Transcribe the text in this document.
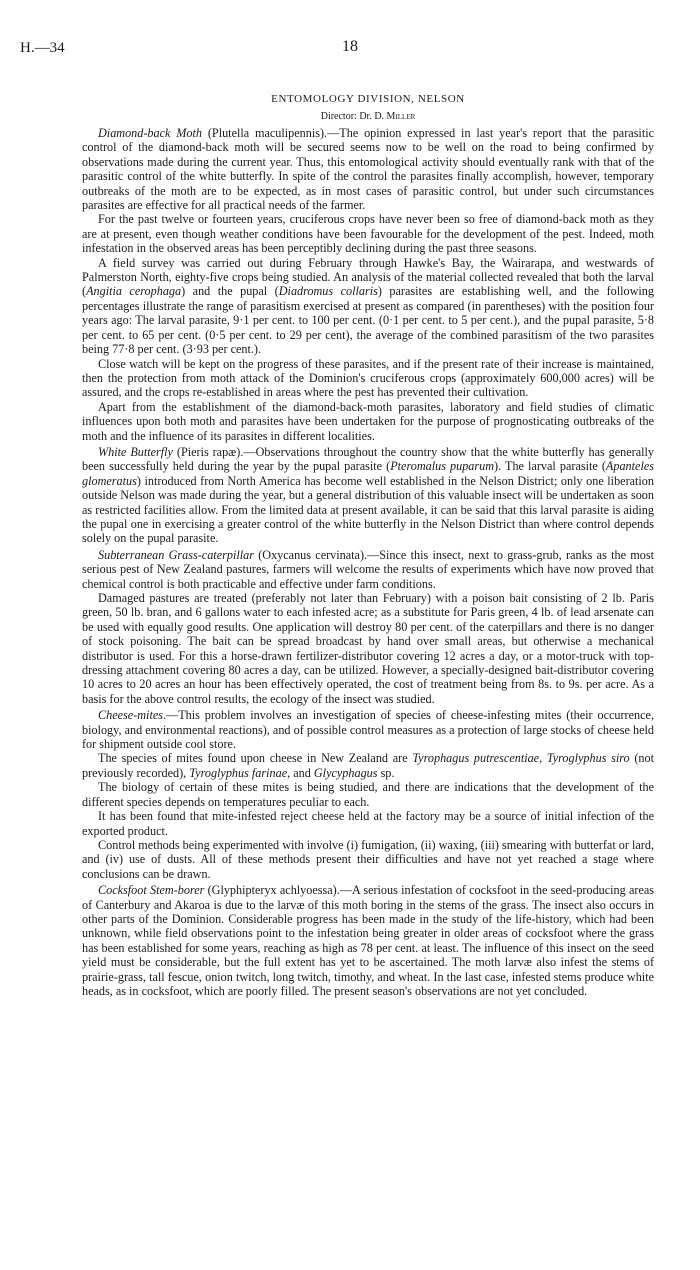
H.—34	18
ENTOMOLOGY DIVISION, NELSON
Director: Dr. D. Miller

Diamond-back Moth (Plutella maculipennis).—The opinion expressed in last year's report that the parasitic control of the diamond-back moth will be secured seems now to be well on the road to being confirmed by observations made during the current year. Thus, this entomological activity should eventually rank with that of the parasitic control of the white butterfly. In spite of the control the parasites finally accomplish, however, temporary outbreaks of the moth are to be expected, as in most cases of parasitic control, but under such circumstances parasites are effective for all practical needs of the farmer.

For the past twelve or fourteen years, cruciferous crops have never been so free of diamond-back moth as they are at present, even though weather conditions have been favourable for the development of the pest. Indeed, moth infestation in the observed areas has been perceptibly declining during the past three seasons.

A field survey was carried out during February through Hawke's Bay, the Wairarapa, and westwards of Palmerston North, eighty-five crops being studied. An analysis of the material collected revealed that both the larval (Angitia cerophaga) and the pupal (Diadromus collaris) parasites are establishing well, and the following percentages illustrate the range of parasitism exercised at present as compared (in parentheses) with the position four years ago: The larval parasite, 9·1 per cent. to 100 per cent. (0·1 per cent. to 5 per cent.), and the pupal parasite, 5·8 per cent. to 65 per cent. (0·5 per cent. to 29 per cent), the average of the combined parasitism of the two parasites being 77·8 per cent. (3·93 per cent.).

Close watch will be kept on the progress of these parasites, and if the present rate of their increase is maintained, then the protection from moth attack of the Dominion's cruciferous crops (approximately 600,000 acres) will be assured, and the crops re-established in areas where the pest has prevented their cultivation.

Apart from the establishment of the diamond-back-moth parasites, laboratory and field studies of climatic influences upon both moth and parasites have been undertaken for the purpose of prognosticating outbreaks of the moth and the influence of its parasites in different localities.

White Butterfly (Pieris rapæ).—Observations throughout the country show that the white butterfly has generally been successfully held during the year by the pupal parasite (Pteromalus puparum). The larval parasite (Apanteles glomeratus) introduced from North America has become well established in the Nelson District; only one liberation outside Nelson was made during the year, but a general distribution of this valuable insect will be undertaken as soon as restricted facilities allow. From the limited data at present available, it can be said that this larval parasite is aiding the pupal one in exercising a greater control of the white butterfly in the Nelson District than where control depends solely on the pupal parasite.

Subterranean Grass-caterpillar (Oxycanus cervinata).—Since this insect, next to grass-grub, ranks as the most serious pest of New Zealand pastures, farmers will welcome the results of experiments which have now proved that chemical control is both practicable and effective under farm conditions.

Damaged pastures are treated (preferably not later than February) with a poison bait consisting of 2 lb. Paris green, 50 lb. bran, and 6 gallons water to each infested acre; as a substitute for Paris green, 4 lb. of lead arsenate can be used with equally good results. One application will destroy 80 per cent. of the caterpillars and there is no danger of stock poisoning. The bait can be spread broadcast by hand over small areas, but otherwise a mechanical distributor is used. For this a horse-drawn fertilizer-distributor covering 12 acres a day, or a motor-truck with top-dressing attachment covering 80 acres a day, can be utilized. However, a specially-designed bait-distributor covering 10 acres to 20 acres an hour has been effectively operated, the cost of treatment being from 8s. to 9s. per acre. As a basis for the above control results, the ecology of the insect was studied.

Cheese-mites.—This problem involves an investigation of species of cheese-infesting mites (their occurrence, biology, and environmental reactions), and of possible control measures as a protection of large stocks of cheese held for shipment outside cool store.

The species of mites found upon cheese in New Zealand are Tyrophagus putrescentiae, Tyroglyphus siro (not previously recorded), Tyroglyphus farinae, and Glycyphagus sp.

The biology of certain of these mites is being studied, and there are indications that the development of the different species depends on temperatures peculiar to each.

It has been found that mite-infested reject cheese held at the factory may be a source of initial infection of the exported product.

Control methods being experimented with involve (i) fumigation, (ii) waxing, (iii) smearing with butterfat or lard, and (iv) use of dusts. All of these methods present their difficulties and have not yet reached a stage where conclusions can be drawn.

Cocksfoot Stem-borer (Glyphipteryx achlyoessa).—A serious infestation of cocksfoot in the seed-producing areas of Canterbury and Akaroa is due to the larvæ of this moth boring in the stems of the grass. The insect also occurs in other parts of the Dominion. Considerable progress has been made in the study of the life-history, which had been unknown, while field observations point to the infestation being greater in older areas of cocksfoot where the grass has been established for some years, reaching as high as 78 per cent. at least. The influence of this insect on the seed yield must be considerable, but the full extent has yet to be ascertained. The moth larvæ also infest the stems of prairie-grass, tall fescue, onion twitch, long twitch, timothy, and wheat. In the last case, infested stems produce white heads, as in cocksfoot, which are poorly filled. The present season's observations are not yet concluded.
